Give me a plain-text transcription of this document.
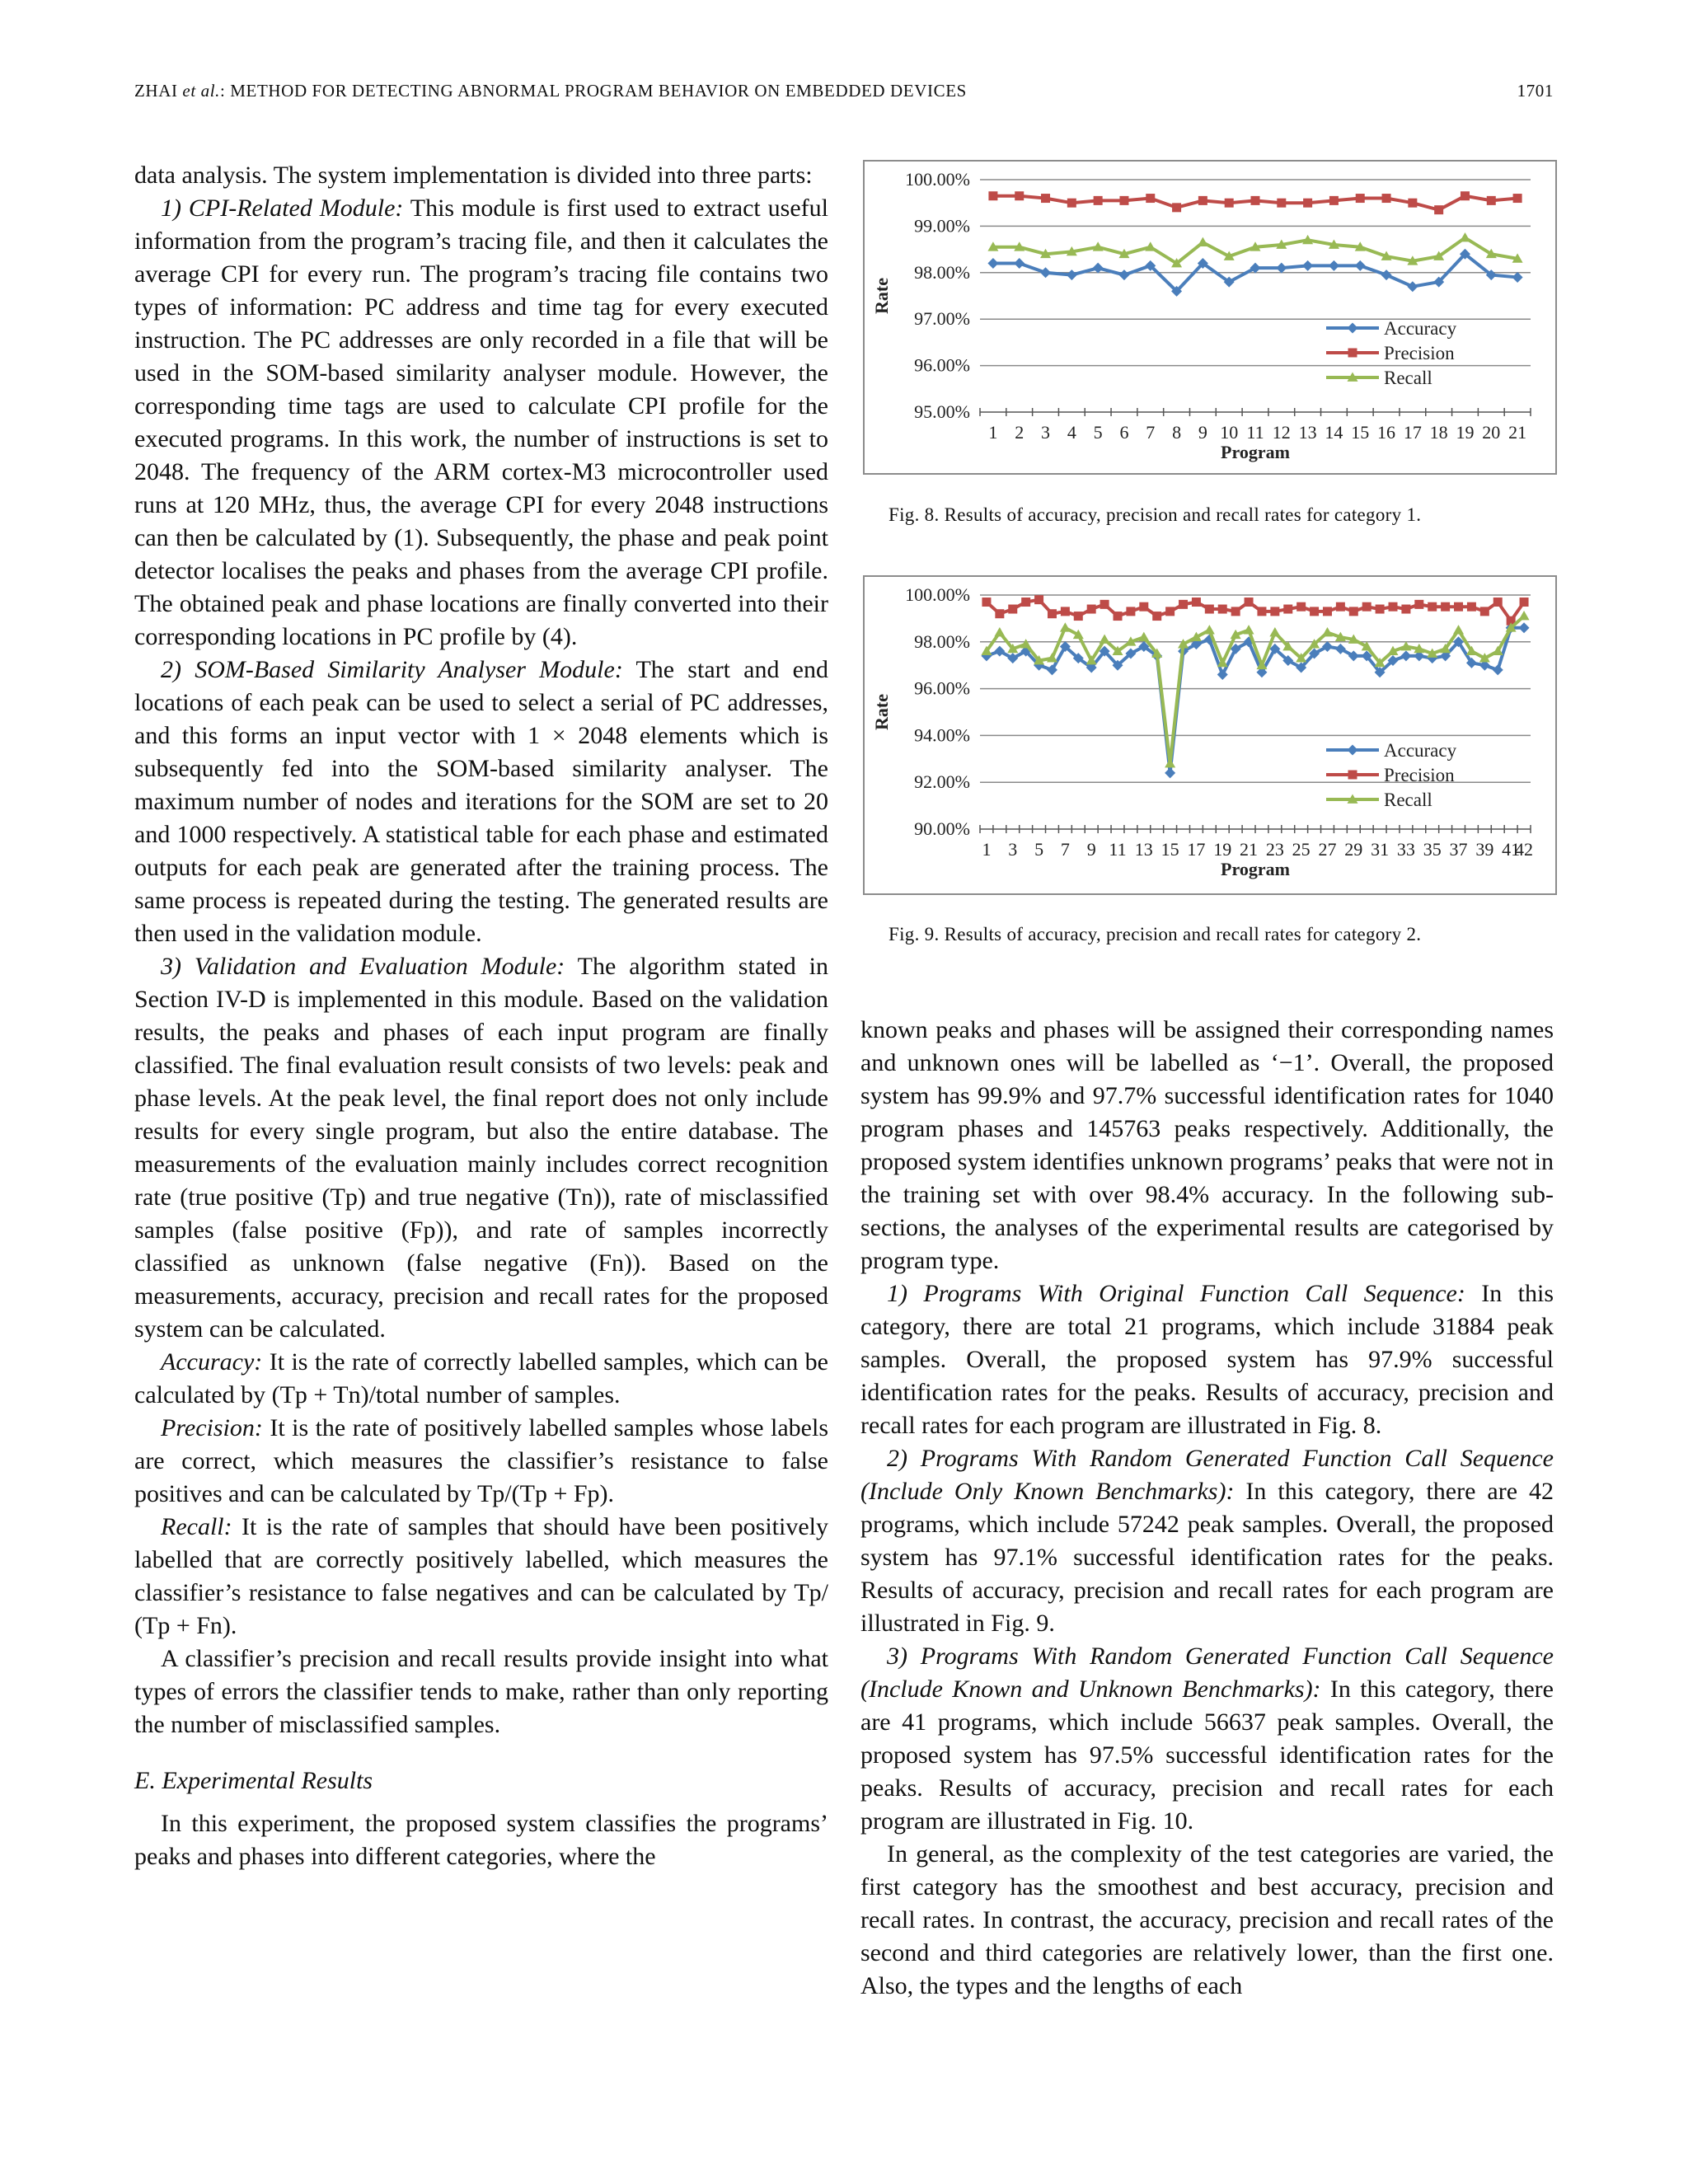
ZHAI et al.: METHOD FOR DETECTING ABNORMAL PROGRAM BEHAVIOR ON EMBEDDED DEVICES	1701

data analysis. The system implementation is divided into three parts:

1) CPI-Related Module: This module is first used to extract useful information from the program’s tracing file, and then it calculates the average CPI for every run. The program’s tracing file contains two types of information: PC address and time tag for every executed instruction. The PC addresses are only recorded in a file that will be used in the SOM-based similarity analyser module. However, the corresponding time tags are used to calculate CPI profile for the executed programs. In this work, the number of instructions is set to 2048. The frequency of the ARM cortex-M3 microcontroller used runs at 120 MHz, thus, the average CPI for every 2048 instructions can then be calculated by (1). Subsequently, the phase and peak point detector localises the peaks and phases from the average CPI profile. The obtained peak and phase locations are finally converted into their corresponding locations in PC profile by (4).

2) SOM-Based Similarity Analyser Module: The start and end locations of each peak can be used to select a serial of PC addresses, and this forms an input vector with 1 × 2048 elements which is subsequently fed into the SOM-based similarity analyser. The maximum number of nodes and iterations for the SOM are set to 20 and 1000 respectively. A statistical table for each phase and estimated outputs for each peak are generated after the training process. The same process is repeated during the testing. The generated results are then used in the validation module.

3) Validation and Evaluation Module: The algorithm stated in Section IV-D is implemented in this module. Based on the validation results, the peaks and phases of each input program are finally classified. The final evaluation result consists of two levels: peak and phase levels. At the peak level, the final report does not only include results for every single program, but also the entire database. The measurements of the evaluation mainly includes correct recognition rate (true positive (Tp) and true negative (Tn)), rate of misclassified samples (false positive (Fp)), and rate of samples incorrectly classified as unknown (false negative (Fn)). Based on the measurements, accuracy, precision and recall rates for the proposed system can be calculated.

Accuracy: It is the rate of correctly labelled samples, which can be calculated by (Tp + Tn)/total number of samples.

Precision: It is the rate of positively labelled samples whose labels are correct, which measures the classifier’s resistance to false positives and can be calculated by Tp/(Tp + Fp).

Recall: It is the rate of samples that should have been positively labelled that are correctly positively labelled, which measures the classifier’s resistance to false negatives and can be calculated by Tp/ (Tp + Fn).

A classifier’s precision and recall results provide insight into what types of errors the classifier tends to make, rather than only reporting the number of misclassified samples.

E. Experimental Results

In this experiment, the proposed system classifies the programs’ peaks and phases into different categories, where the

95.00%
96.00%
97.00%
98.00%
99.00%
100.00%
1 2 3 4 5 6 7 8 9 10 11 12 13 14 15 16 17 18 19 20 21
Program
Rate
Accuracy
Precision
Recall
Fig. 8. Results of accuracy, precision and recall rates for category 1.
90.00%
92.00%
94.00%
96.00%
98.00%
100.00%
1 3 5 7 9 11 13 15 17 19 21 23 25 27 29 31 33 35 37 39 41
42
Program
Rate
Accuracy
Precision
Recall
Fig. 9. Results of accuracy, precision and recall rates for category 2.

known peaks and phases will be assigned their corresponding names and unknown ones will be labelled as ‘−1’. Overall, the proposed system has 99.9% and 97.7% successful identification rates for 1040 program phases and 145763 peaks respectively. Additionally, the proposed system identifies unknown programs’ peaks that were not in the training set with over 98.4% accuracy. In the following sub-sections, the analyses of the experimental results are categorised by program type.

1) Programs With Original Function Call Sequence: In this category, there are total 21 programs, which include 31884 peak samples. Overall, the proposed system has 97.9% successful identification rates for the peaks. Results of accuracy, precision and recall rates for each program are illustrated in Fig. 8.

2) Programs With Random Generated Function Call Sequence (Include Only Known Benchmarks): In this category, there are 42 programs, which include 57242 peak samples. Overall, the proposed system has 97.1% successful identification rates for the peaks. Results of accuracy, precision and recall rates for each program are illustrated in Fig. 9.

3) Programs With Random Generated Function Call Sequence (Include Known and Unknown Benchmarks): In this category, there are 41 programs, which include 56637 peak samples. Overall, the proposed system has 97.5% successful identification rates for the peaks. Results of accuracy, precision and recall rates for each program are illustrated in Fig. 10.

In general, as the complexity of the test categories are varied, the first category has the smoothest and best accuracy, precision and recall rates. In contrast, the accuracy, precision and recall rates of the second and third categories are relatively lower, than the first one. Also, the types and the lengths of each
